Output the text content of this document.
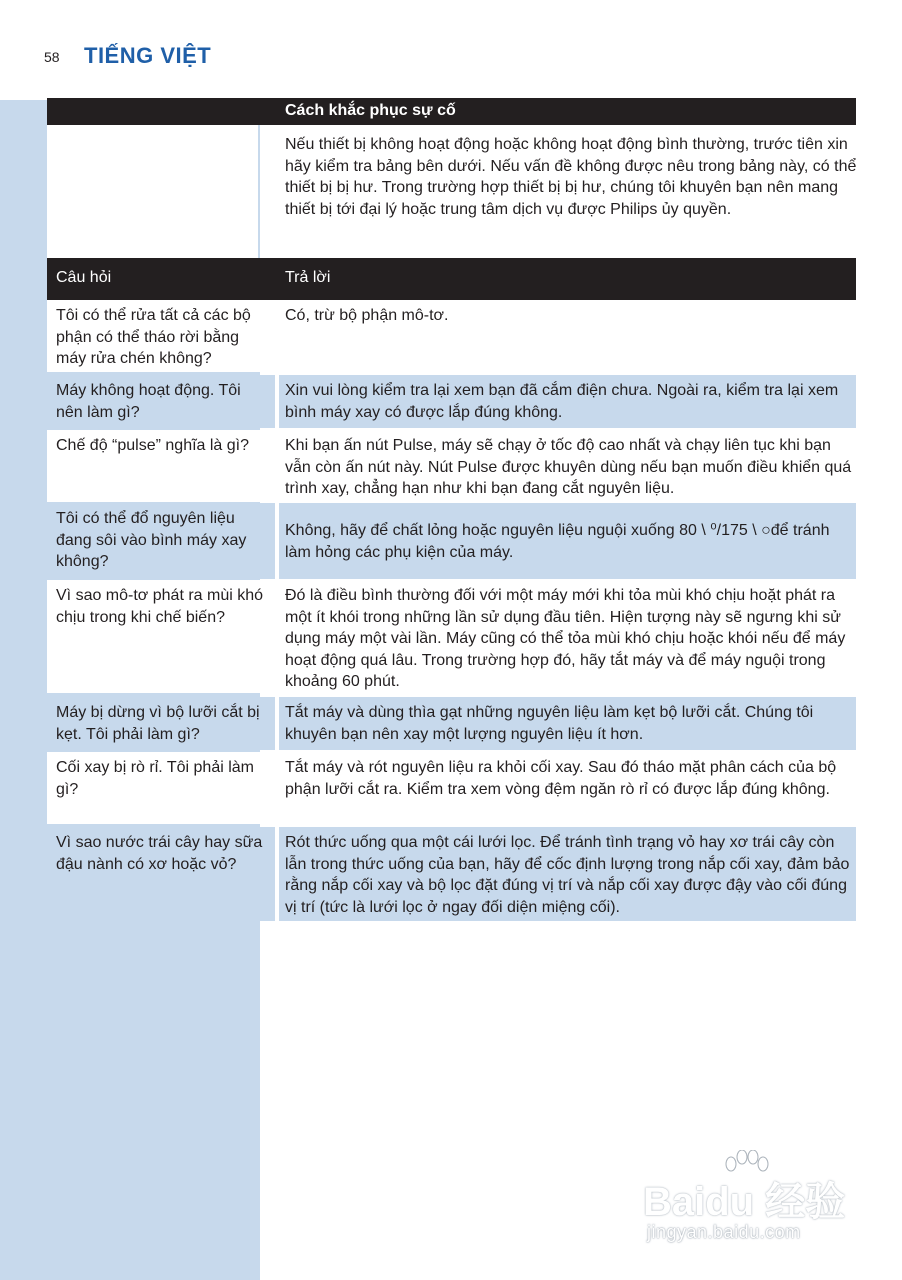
58 TIẾNG VIỆT
Cách khắc phục sự cố
Nếu thiết bị không hoạt động hoặc không hoạt động bình thường, trước tiên xin hãy kiểm tra bảng bên dưới. Nếu vấn đề không được nêu trong bảng này, có thể thiết bị bị hư. Trong trường hợp thiết bị bị hư, chúng tôi khuyên bạn nên mang thiết bị tới đại lý hoặc trung tâm dịch vụ được Philips ủy quyền.
Câu hỏi	Trả lời
Tôi có thể rửa tất cả các bộ phận có thể tháo rời bằng máy rửa chén không?
Có, trừ bộ phận mô-tơ.
Máy không hoạt động. Tôi nên làm gì?
Xin vui lòng kiểm tra lại xem bạn đã cắm điện chưa. Ngoài ra, kiểm tra lại xem bình máy xay có được lắp đúng không.
Chế độ “pulse” nghĩa là gì?	Khi bạn ấn nút Pulse, máy sẽ chạy ở tốc độ cao nhất và chạy liên tục khi bạn vẫn còn ấn nút này. Nút Pulse được khuyên dùng nếu bạn muốn điều khiển quá trình xay, chẳng hạn như khi bạn đang cắt nguyên liệu.
Tôi có thể đổ nguyên liệu đang sôi vào bình máy xay không?
Không, hãy để chất lỏng hoặc nguyên liệu nguội xuống 80 \ ⁰/175 \ ○để tránh làm hỏng các phụ kiện của máy.
Vì sao mô-tơ phát ra mùi khó chịu trong khi chế biến?
Đó là điều bình thường đối với một máy mới khi tỏa mùi khó chịu hoặt phát ra một ít khói trong những lần sử dụng đầu tiên. Hiện tượng này sẽ ngưng khi sử dụng máy một vài lần. Máy cũng có thể tỏa mùi khó chịu hoặc khói nếu để máy hoạt động quá lâu. Trong trường hợp đó, hãy tắt máy và để máy nguội trong khoảng 60 phút.
Máy bị dừng vì bộ lưỡi cắt bị kẹt. Tôi phải làm gì?
Tắt máy và dùng thìa gạt những nguyên liệu làm kẹt bộ lưỡi cắt. Chúng tôi khuyên bạn nên xay một lượng nguyên liệu ít hơn.
Cối xay bị rò rỉ. Tôi phải làm gì?
Tắt máy và rót nguyên liệu ra khỏi cối xay. Sau đó tháo mặt phân cách của bộ phận lưỡi cắt ra. Kiểm tra xem vòng đệm ngăn rò rỉ có được lắp đúng không.
Vì sao nước trái cây hay sữa đậu nành có xơ hoặc vỏ?
Rót thức uống qua một cái lưới lọc. Để tránh tình trạng vỏ hay xơ trái cây còn lẫn trong thức uống của bạn, hãy để cốc định lượng trong nắp cối xay, đảm bảo rằng nắp cối xay và bộ lọc đặt đúng vị trí và nắp cối xay được đậy vào cối đúng vị trí (tức là lưới lọc ở ngay đối diện miệng cối).
Baidu 经验
jingyan.baidu.com
